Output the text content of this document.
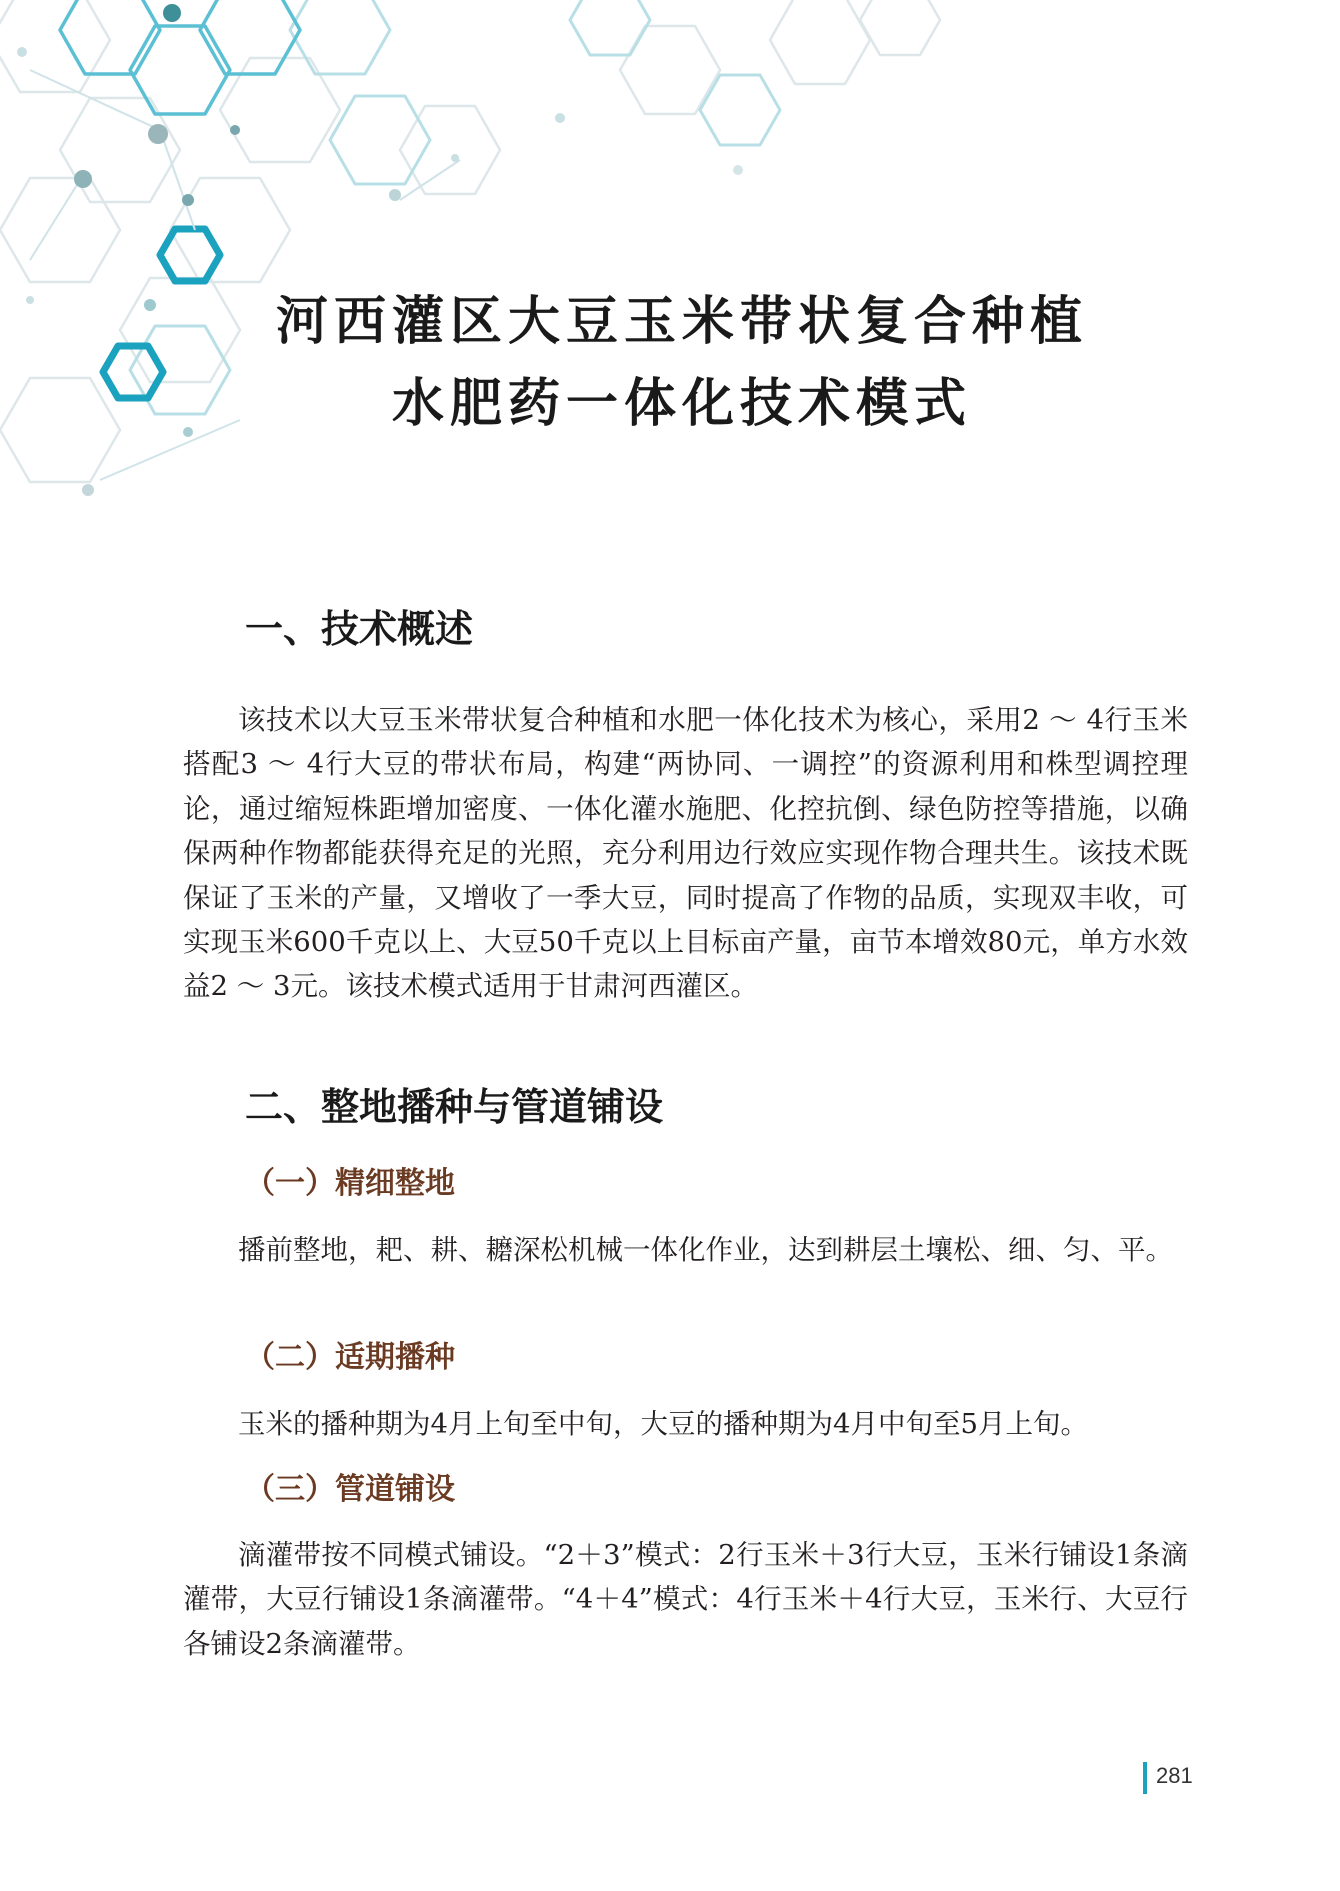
河西灌区大豆玉米带状复合种植
水肥药一体化技术模式
一、技术概述

该技术以大豆玉米带状复合种植和水肥一体化技术为核心，采用2 ～ 4行玉米搭配3 ～ 4行大豆的带状布局，构建“两协同、一调控”的资源利用和株型调控理论，通过缩短株距增加密度、一体化灌水施肥、化控抗倒、绿色防控等措施，以确保两种作物都能获得充足的光照，充分利用边行效应实现作物合理共生。该技术既保证了玉米的产量，又增收了一季大豆，同时提高了作物的品质，实现双丰收，可实现玉米600千克以上、大豆50千克以上目标亩产量，亩节本增效80元，单方水效益2 ～ 3元。该技术模式适用于甘肃河西灌区。

二、整地播种与管道铺设
（一）精细整地

播前整地，耙、耕、耱深松机械一体化作业，达到耕层土壤松、细、匀、平。

（二）适期播种

玉米的播种期为4月上旬至中旬，大豆的播种期为4月中旬至5月上旬。

（三）管道铺设

滴灌带按不同模式铺设。“2＋3”模式：2行玉米＋3行大豆，玉米行铺设1条滴灌带，大豆行铺设1条滴灌带。“4＋4”模式：4行玉米＋4行大豆，玉米行、大豆行各铺设2条滴灌带。

281
